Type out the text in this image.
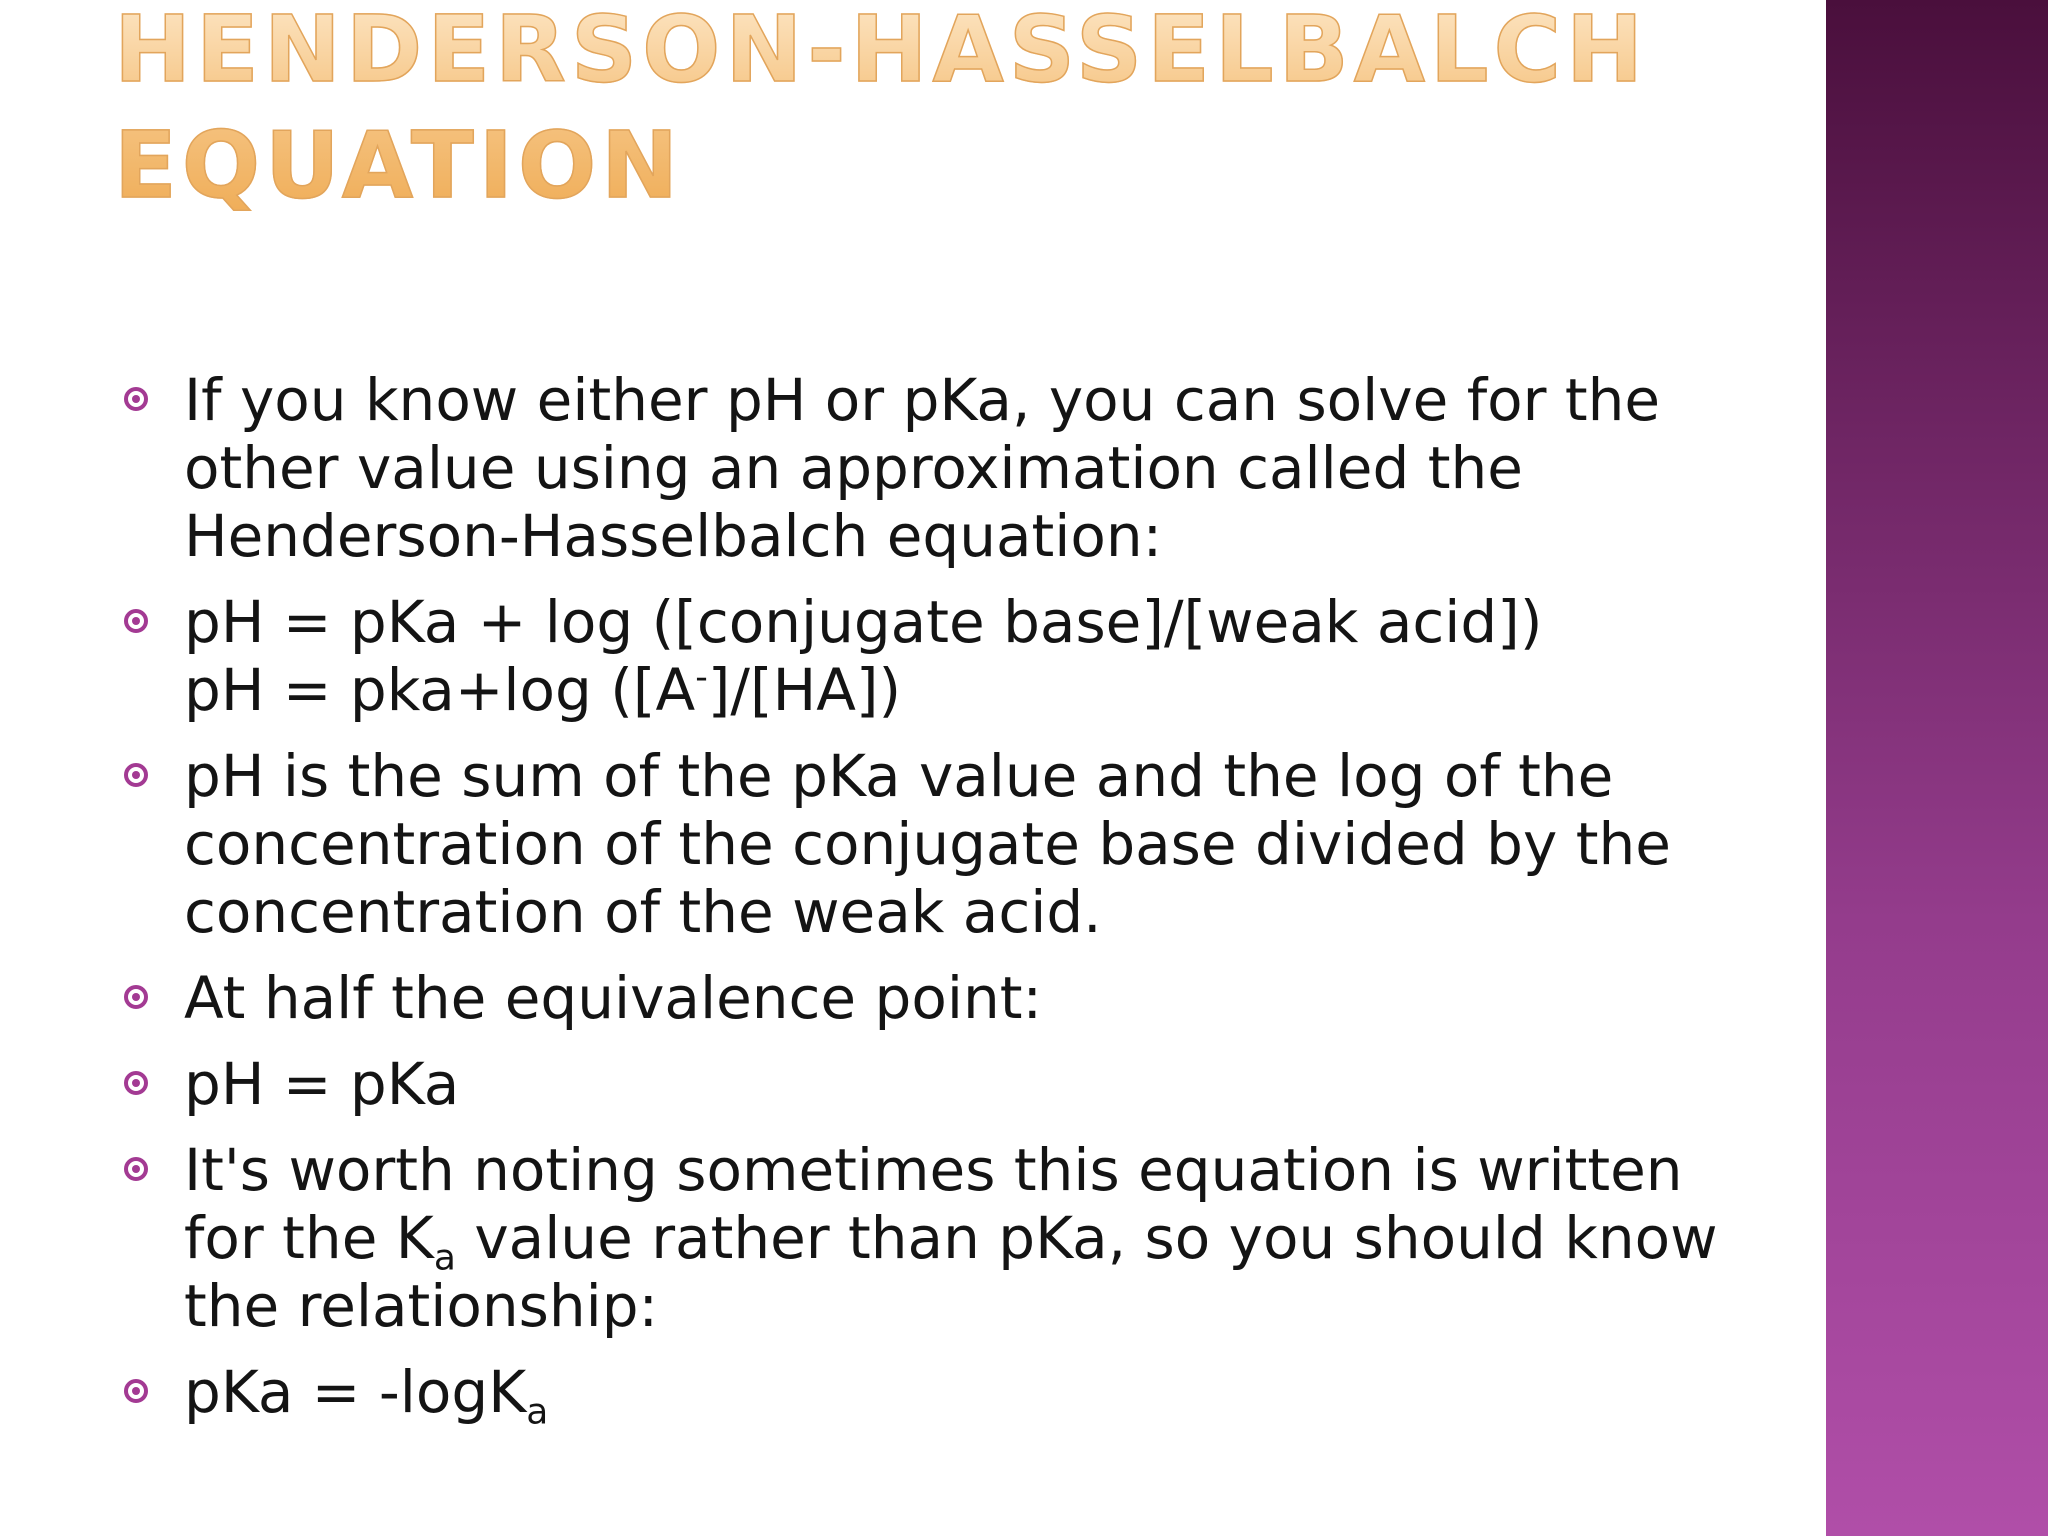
HENDERSON-HASSELBALCH
EQUATION
If you know either pH or pKa, you can solve for the
other value using an approximation called the
Henderson-Hasselbalch equation:
pH = pKa + log ([conjugate base]/[weak acid])
pH = pka+log ([A-]/[HA])
pH is the sum of the pKa value and the log of the
concentration of the conjugate base divided by the
concentration of the weak acid.
At half the equivalence point:
pH = pKa
It's worth noting sometimes this equation is written
for the $K_a$ value rather than pKa, so you should know
the relationship:
pKa = -logK$_a$
